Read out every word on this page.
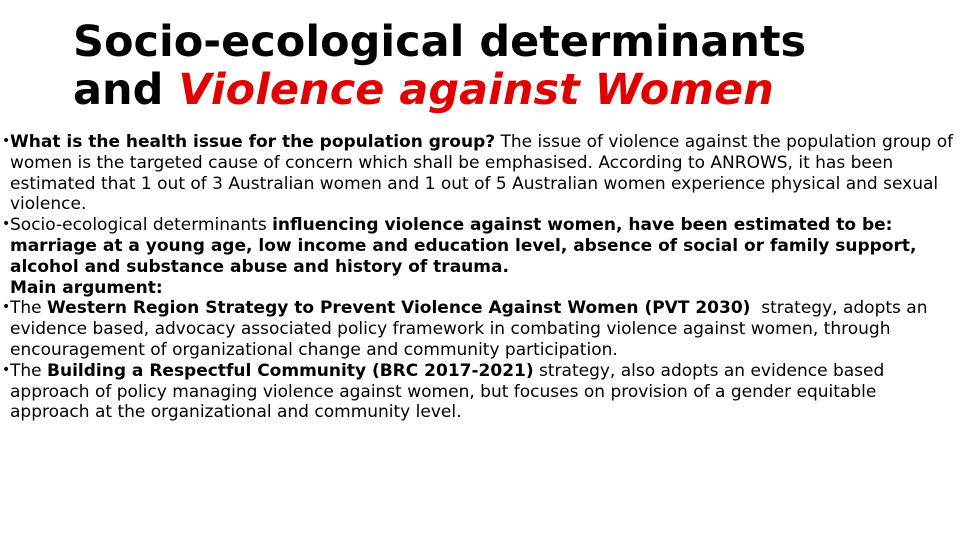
Socio-ecological determinants
and Violence against Women

• What is the health issue for the population group? The issue of violence against the population group of women is the targeted cause of concern which shall be emphasised. According to ANROWS, it has been estimated that 1 out of 3 Australian women and 1 out of 5 Australian women experience physical and sexual violence.

• Socio-ecological determinants influencing violence against women, have been estimated to be: marriage at a young age, low income and education level, absence of social or family support, alcohol and substance abuse and history of trauma.

Main argument:

• The Western Region Strategy to Prevent Violence Against Women (PVT 2030)  strategy, adopts an evidence based, advocacy associated policy framework in combating violence against women, through encouragement of organizational change and community participation.

• The Building a Respectful Community (BRC 2017-2021) strategy, also adopts an evidence based approach of policy managing violence against women, but focuses on provision of a gender equitable approach at the organizational and community level.
